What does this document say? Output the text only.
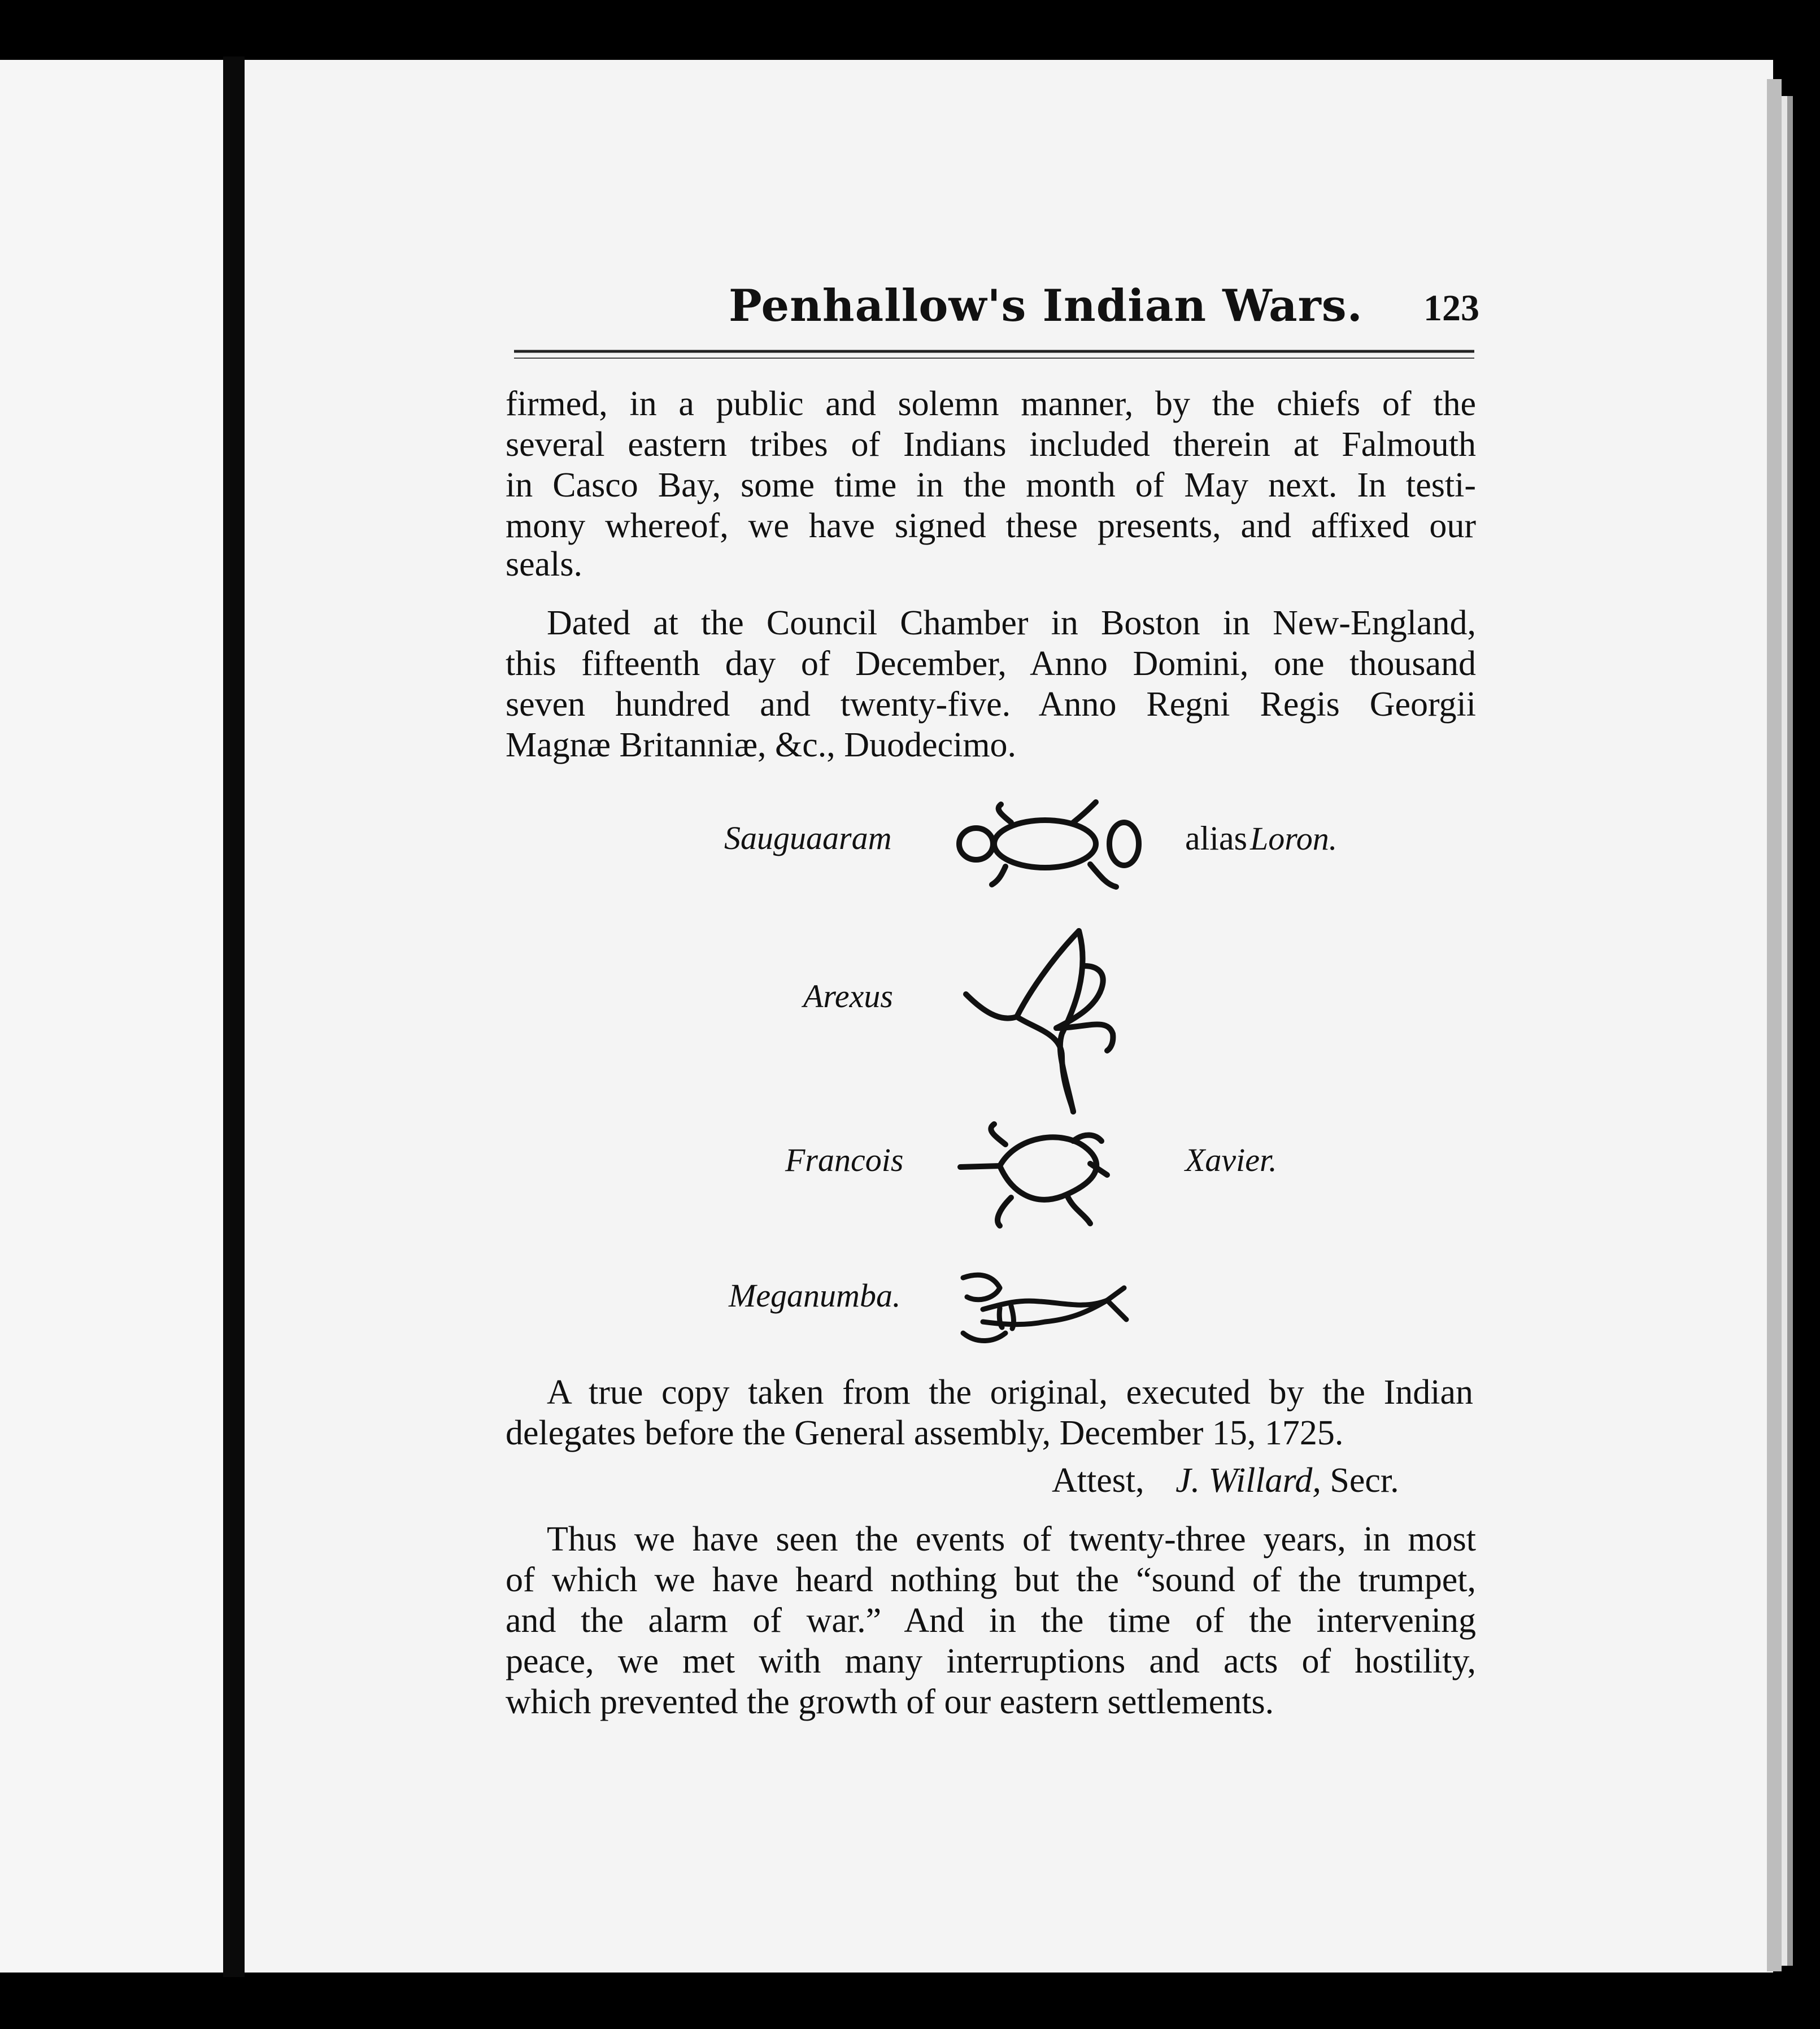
Penhallow's Indian Wars. 123
firmed, in a public and solemn manner, by the chiefs of the
several eastern tribes of Indians included therein at Falmouth
in Casco Bay, some time in the month of May next. In testi-
mony whereof, we have signed these presents, and affixed our
seals.
Dated at the Council Chamber in Boston in New-England,
this fifteenth day of December, Anno Domini, one thousand
seven hundred and twenty-five. Anno Regni Regis Georgii
Magnæ Britanniæ, &c., Duodecimo.
Sauguaaram	alias Loron.
Arexus
Francois	Xavier.
Meganumba.
A true copy taken from the original, executed by the Indian
delegates before the General assembly, December 15, 1725.
Attest, J. Willard, Secr.
Thus we have seen the events of twenty-three years, in most
of which we have heard nothing but the “sound of the trumpet,
and the alarm of war.” And in the time of the intervening
peace, we met with many interruptions and acts of hostility,
which prevented the growth of our eastern settlements.
